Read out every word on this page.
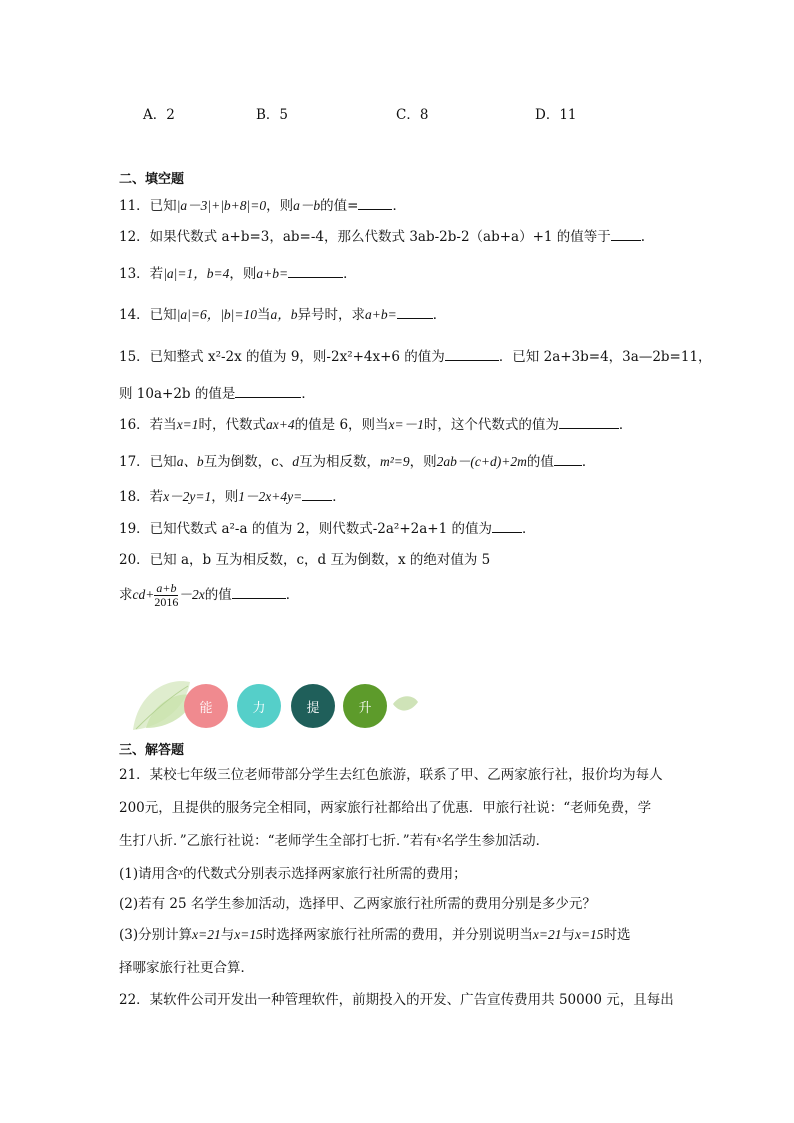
A．2	B．5	C．8	D．11
二、填空题
11．已知|a－3|+|b+8|=0，则a－b的值=	．
12．如果代数式 a+b=3，ab=-4，那么代数式 3ab-2b-2（ab+a）+1 的值等于 .
13．若|a|=1，b=4，则a+b=	．
14．已知|a|=6，|b|=10当a，b异号时，求a+b=	．
15．已知整式 x²-2x 的值为 9，则-2x²+4x+6 的值为	．已知 2a+3b=4，3a—2b=11，
则 10a+2b 的值是	．
16．若当x=1时，代数式ax+4的值是 6，则当x=－1时，这个代数式的值为	．
17．已知a、b互为倒数，c、d互为相反数，m²=9，则2ab－(c+d)+2m的值 ．
18．若x－2y=1，则1－2x+4y= ．
19．已知代数式 a²-a 的值为 2，则代数式-2a²+2a+1 的值为 ．
20．已知 a，b 互为相反数，c，d 互为倒数，x 的绝对值为 5
求$cd+ \frac{a+b}{2016} -2x$的值	．
能	力	提	升
三、解答题
21．某校七年级三位老师带部分学生去红色旅游，联系了甲、乙两家旅行社，报价均为每人
200元，且提供的服务完全相同，两家旅行社都给出了优惠．甲旅行社说：“老师免费，学
生打八折．”乙旅行社说：“老师学生全部打七折．”若有$^x$名学生参加活动．
(1)请用含$^x$的代数式分别表示选择两家旅行社所需的费用；
(2)若有 25 名学生参加活动，选择甲、乙两家旅行社所需的费用分别是多少元？
(3)分别计算x=21与x=15时选择两家旅行社所需的费用，并分别说明当x=21与x=15时选
择哪家旅行社更合算．
22．某软件公司开发出一种管理软件，前期投入的开发、广告宣传费用共 50000 元，且每出
